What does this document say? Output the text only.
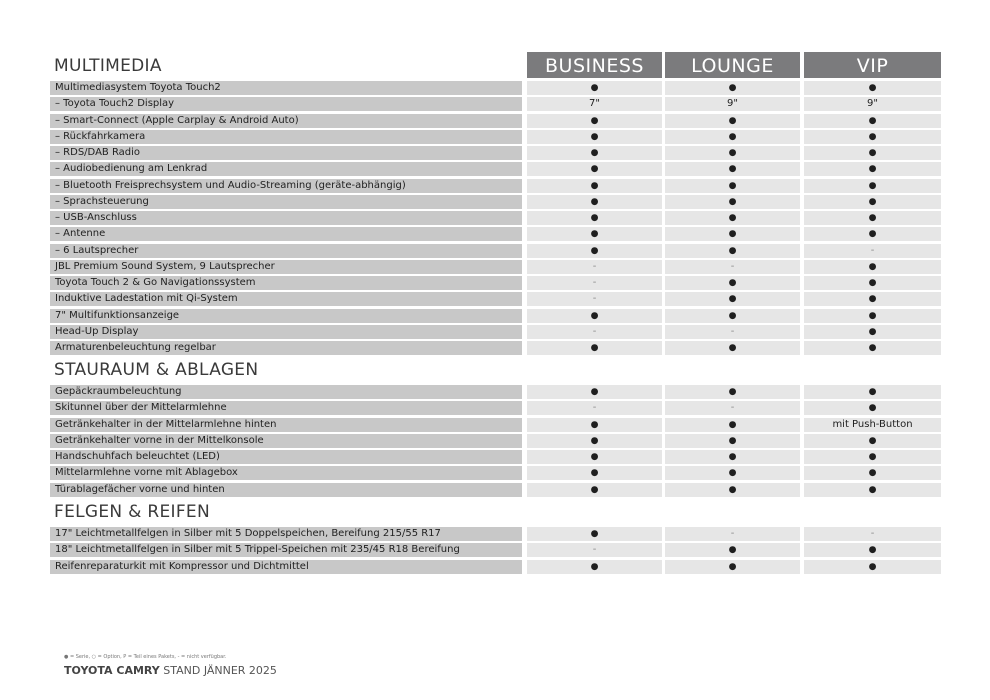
BUSINESS	LOUNGE	VIP
MULTIMEDIA
Multimediasystem Toyota Touch2	●	●	●
– Toyota Touch2 Display	7"	9"	9"
– Smart-Connect (Apple Carplay & Android Auto)	●	●	●
– Rückfahrkamera	●	●	●
– RDS/DAB Radio	●	●	●
– Audiobedienung am Lenkrad	●	●	●
– Bluetooth Freisprechsystem und Audio-Streaming (geräte-abhängig)	●	●	●
– Sprachsteuerung	●	●	●
– USB-Anschluss	●	●	●
– Antenne	●	●	●
– 6 Lautsprecher	●	●	-
JBL Premium Sound System, 9 Lautsprecher	-	-	●
Toyota Touch 2 & Go Navigationssystem	-	●	●
Induktive Ladestation mit Qi-System	-	●	●
7" Multifunktionsanzeige	●	●	●
Head-Up Display	-	-	●
Armaturenbeleuchtung regelbar	●	●	●
STAURAUM & ABLAGEN
Gepäckraumbeleuchtung	●	●	●
Skitunnel über der Mittelarmlehne	-	-	●
Getränkehalter in der Mittelarmlehne hinten	●	●	mit Push-Button
Getränkehalter vorne in der Mittelkonsole	●	●	●
Handschuhfach beleuchtet (LED)	●	●	●
Mittelarmlehne vorne mit Ablagebox	●	●	●
Türablagefächer vorne und hinten	●	●	●
FELGEN & REIFEN
17" Leichtmetallfelgen in Silber mit 5 Doppelspeichen, Bereifung 215/55 R17	●	-	-
18" Leichtmetallfelgen in Silber mit 5 Trippel-Speichen mit 235/45 R18 Bereifung	-	●	●
Reifenreparaturkit mit Kompressor und Dichtmittel	●	●	●
● = Serie, ○ = Option, P = Teil eines Pakets, - = nicht verfügbar.
TOYOTA CAMRY STAND JÄNNER 2025
